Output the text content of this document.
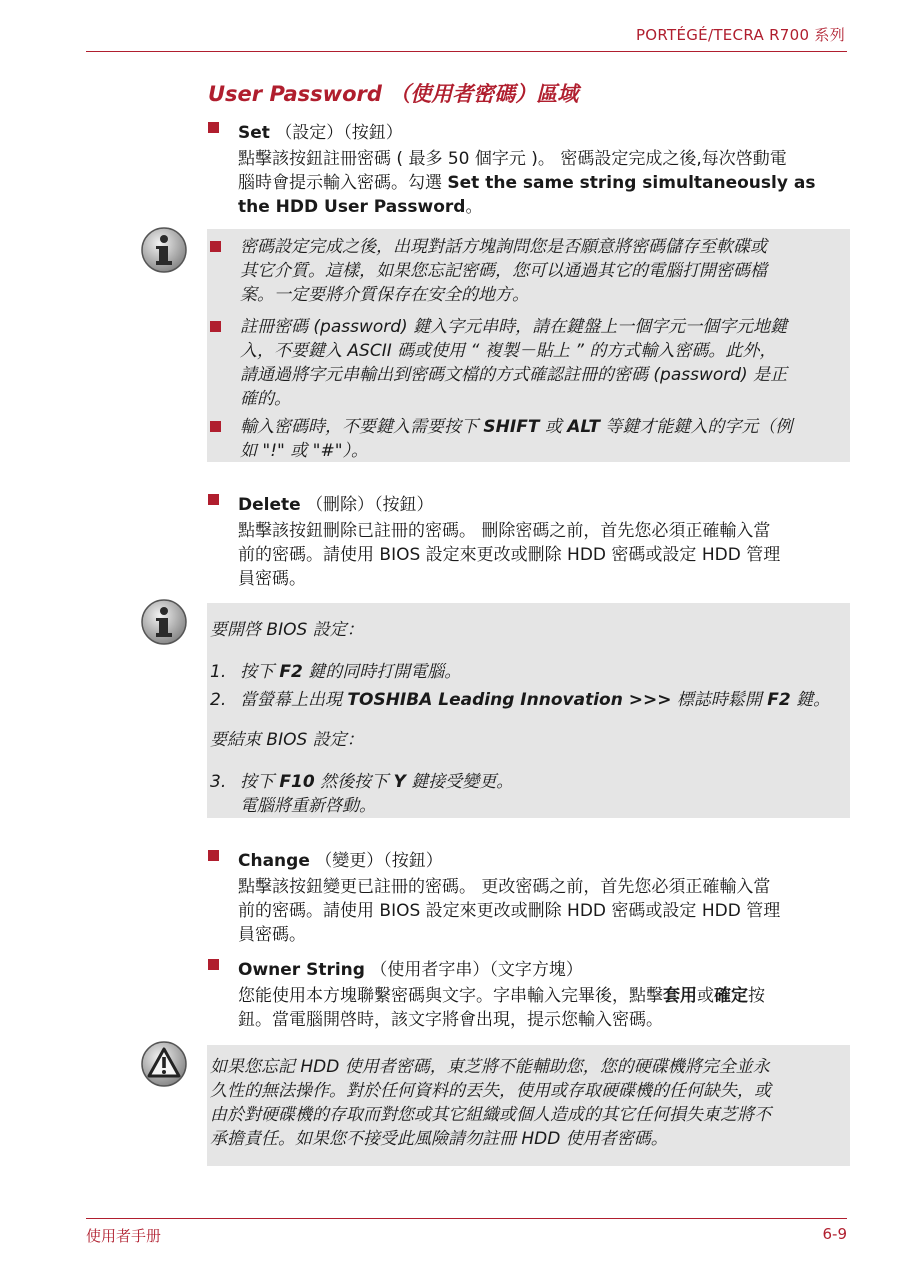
PORTÉGÉ/TECRA R700 系列
User Password （使用者密碼）區域
Set （設定）（按鈕）
點擊該按鈕註冊密碼 ( 最多 50 個字元 )。 密碼設定完成之後,每次啓動電
腦時會提示輸入密碼。勾選 Set the same string simultaneously as
the HDD User Password。
密碼設定完成之後，出現對話方塊詢問您是否願意將密碼儲存至軟碟或
其它介質。這樣，如果您忘記密碼，您可以通過其它的電腦打開密碼檔
案。一定要將介質保存在安全的地方。
註冊密碼 (password) 鍵入字元串時，請在鍵盤上一個字元一個字元地鍵
入，不要鍵入 ASCII 碼或使用 “ 複製－貼上 ” 的方式輸入密碼。此外，
請通過將字元串輸出到密碼文檔的方式確認註冊的密碼 (password) 是正
確的。
輸入密碼時，不要鍵入需要按下 SHIFT 或 ALT 等鍵才能鍵入的字元（例
如 "!" 或 "#"）。
Delete （刪除）（按鈕）
點擊該按鈕刪除已註冊的密碼。 刪除密碼之前，首先您必須正確輸入當
前的密碼。請使用 BIOS 設定來更改或刪除 HDD 密碼或設定 HDD 管理
員密碼。
要開啓 BIOS 設定：
1. 按下 F2 鍵的同時打開電腦。
2. 當螢幕上出現 TOSHIBA Leading Innovation >>> 標誌時鬆開 F2 鍵。
要結束 BIOS 設定：
3. 按下 F10 然後按下 Y 鍵接受變更。
電腦將重新啓動。
Change （變更）（按鈕）
點擊該按鈕變更已註冊的密碼。 更改密碼之前，首先您必須正確輸入當
前的密碼。請使用 BIOS 設定來更改或刪除 HDD 密碼或設定 HDD 管理
員密碼。
Owner String （使用者字串）（文字方塊）
您能使用本方塊聯繫密碼與文字。字串輸入完畢後，點擊套用或確定按
鈕。當電腦開啓時，該文字將會出現，提示您輸入密碼。
如果您忘記 HDD 使用者密碼，東芝將不能輔助您，您的硬碟機將完全並永
久性的無法操作。對於任何資料的丟失，使用或存取硬碟機的任何缺失，或
由於對硬碟機的存取而對您或其它組織或個人造成的其它任何損失東芝將不
承擔責任。如果您不接受此風險請勿註冊 HDD 使用者密碼。
使用者手册	6-9
